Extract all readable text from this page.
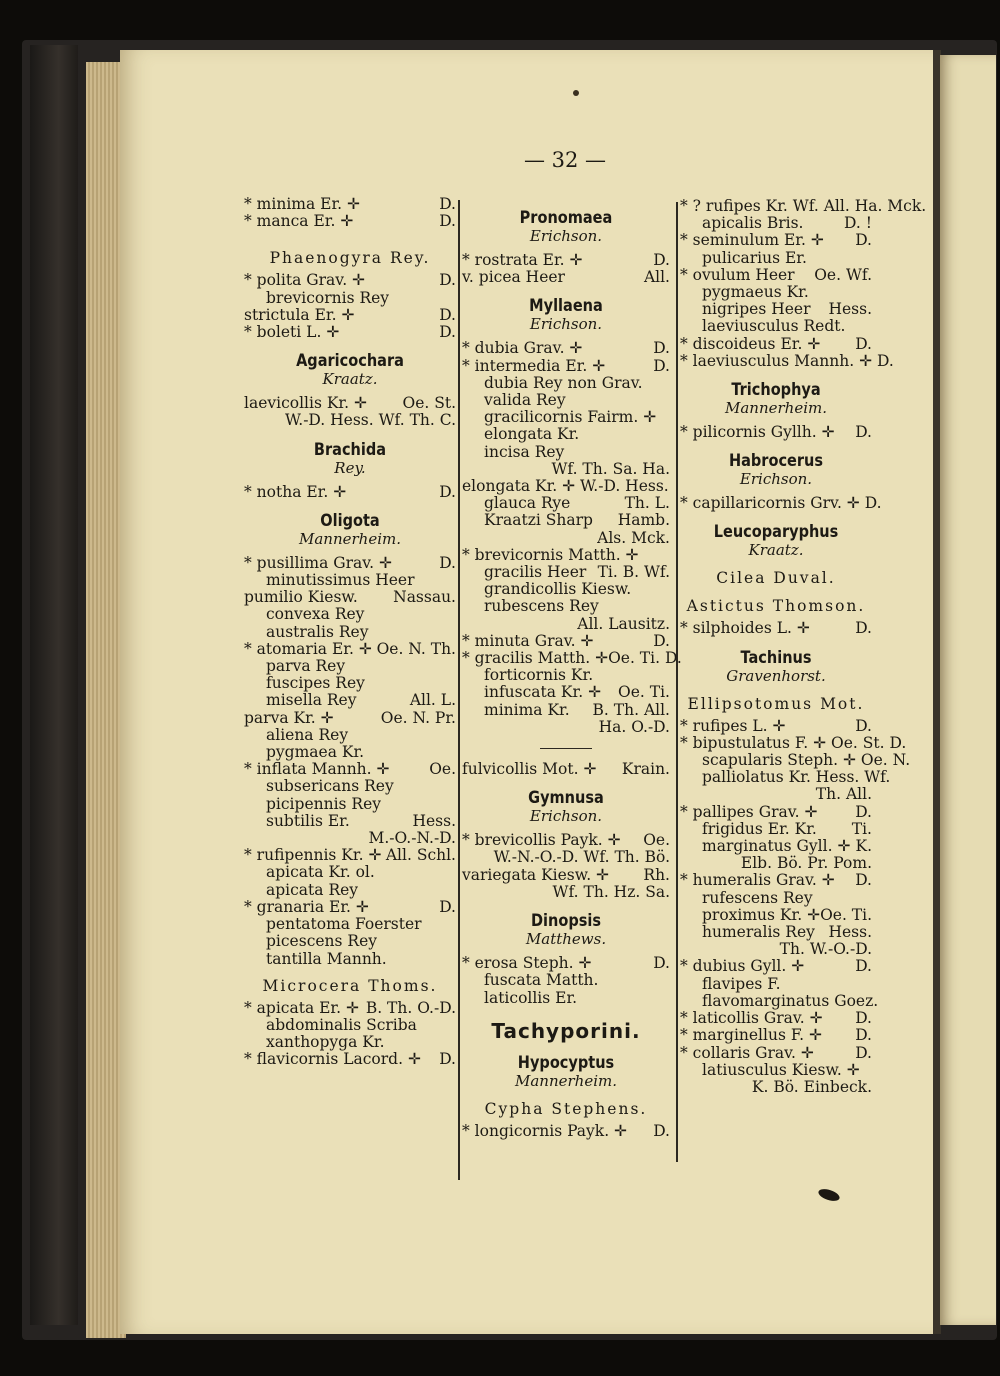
— 32 —
* minima Er. ✛	D.
* manca Er. ✛	D.
Phaenogyra Rey.
* polita Grav. ✛	D.
brevicornis Rey
strictula Er. ✛	D.
* boleti L. ✛	D.
Agaricochara
Kraatz.
laevicollis Kr. ✛ Oe. St.
W.-D. Hess. Wf. Th. C.
Brachida
Rey.
* notha Er. ✛	D.
Oligota
Mannerheim.
* pusillima Grav. ✛	D.
minutissimus Heer
pumilio Kiesw. Nassau.
convexa Rey
australis Rey
* atomaria Er. ✛ Oe. N. Th.
parva Rey
fuscipes Rey
misella Rey	All. L.
parva Kr. ✛	Oe. N. Pr.
aliena Rey
pygmaea Kr.
* inflata Mannh. ✛	Oe.
subsericans Rey
picipennis Rey
subtilis Er.	Hess.
M.-O.-N.-D.
* rufipennis Kr. ✛ All. Schl.
apicata Kr. ol.
apicata Rey
* granaria Er. ✛	D.
pentatoma Foerster
picescens Rey
tantilla Mannh.
Microcera Thoms.
* apicata Er. ✛ B. Th. O.-D.
abdominalis Scriba
xanthopyga Kr.
* flavicornis Lacord. ✛ D.
Pronomaea
Erichson.
* rostrata Er. ✛	D.
v. picea Heer	All.
Myllaena
Erichson.
* dubia Grav. ✛	D.
* intermedia Er. ✛	D.
dubia Rey non Grav.
valida Rey
gracilicornis Fairm. ✛
elongata Kr.
incisa Rey
Wf. Th. Sa. Ha.
elongata Kr. ✛ W.-D. Hess.
glauca Rye	Th. L.
Kraatzi Sharp Hamb.
Als. Mck.
* brevicornis Matth. ✛
gracilis Heer Ti. B. Wf.
grandicollis Kiesw.
rubescens Rey
All. Lausitz.
* minuta Grav. ✛	D.
* gracilis Matth. ✛ Oe. Ti. D.
forticornis Kr.
infuscata Kr. ✛ Oe. Ti.
minima Kr. B. Th. All.
Ha. O.-D.
fulvicollis Mot. ✛ Krain.
Gymnusa
Erichson.
* brevicollis Payk. ✛ Oe.
W.-N.-O.-D. Wf. Th. Bö.
variegata Kiesw. ✛ Rh.
Wf. Th. Hz. Sa.
Dinopsis
Matthews.
* erosa Steph. ✛	D.
fuscata Matth.
laticollis Er.
Tachyporini.
Hypocyptus
Mannerheim.
Cypha Stephens.
* longicornis Payk. ✛ D.
* ? rufipes Kr. Wf. All. Ha. Mck.
apicalis Bris.	D. !
* seminulum Er. ✛ D.
pulicarius Er.
* ovulum Heer Oe. Wf.
pygmaeus Kr.
nigripes Heer Hess.
laeviusculus Redt.
* discoideus Er. ✛ D.
* laeviusculus Mannh. ✛ D.
Trichophya
Mannerheim.
* pilicornis Gyllh. ✛ D.
Habrocerus
Erichson.
* capillaricornis Grv. ✛ D.
Leucoparyphus
Kraatz.
Cilea Duval.
Astictus Thomson.
* silphoides L. ✛	D.
Tachinus
Gravenhorst.
Ellipsotomus Mot.
* rufipes L. ✛	D.
* bipustulatus F. ✛ Oe. St. D.
scapularis Steph. ✛ Oe. N.
palliolatus Kr. Hess. Wf.
Th. All.
* pallipes Grav. ✛ D.
frigidus Er. Kr. Ti.
marginatus Gyll. ✛ K.
Elb. Bö. Pr. Pom.
* humeralis Grav. ✛ D.
rufescens Rey
proximus Kr. ✛ Oe. Ti.
humeralis Rey Hess.
Th. W.-O.-D.
* dubius Gyll. ✛	D.
flavipes F.
flavomarginatus Goez.
* laticollis Grav. ✛ D.
* marginellus F. ✛ D.
* collaris Grav. ✛	D.
latiusculus Kiesw. ✛
K. Bö. Einbeck.
